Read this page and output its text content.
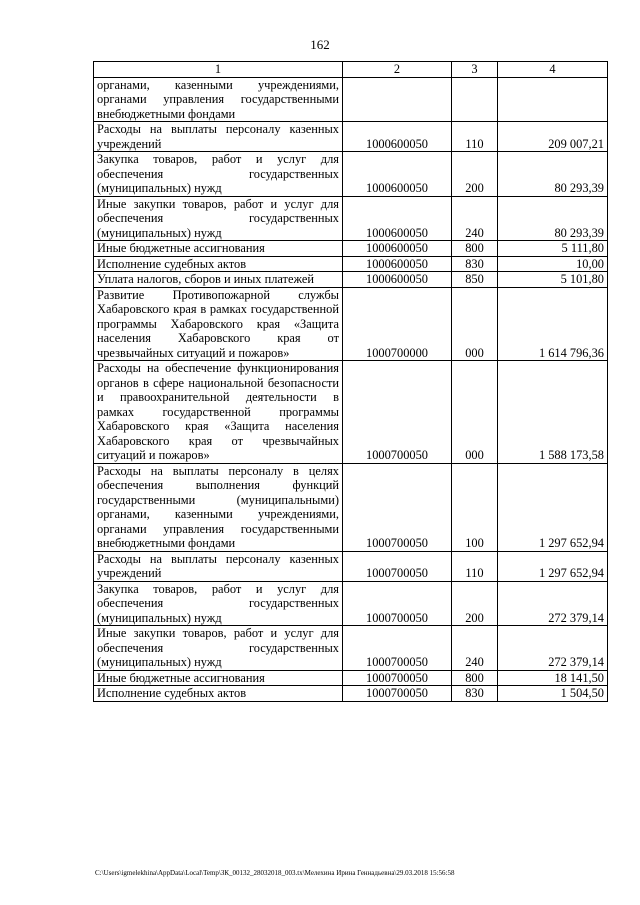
162
1	2	3	4
органами, казенными учреждениями, органами управления государственными внебюджетными фондами			
Расходы на выплаты персоналу казенных учреждений	1000600050	110	209 007,21
Закупка товаров, работ и услуг для обеспечения государственных (муниципальных) нужд	1000600050	200	80 293,39
Иные закупки товаров, работ и услуг для обеспечения государственных (муниципальных) нужд	1000600050	240	80 293,39
Иные бюджетные ассигнования	1000600050	800	5 111,80
Исполнение судебных актов	1000600050	830	10,00
Уплата налогов, сборов и иных платежей	1000600050	850	5 101,80
Развитие Противопожарной службы Хабаровского края в рамках государственной программы Хабаровского края «Защита населения Хабаровского края от чрезвычайных ситуаций и пожаров»	1000700000	000	1 614 796,36
Расходы на обеспечение функционирования органов в сфере национальной безопасности и правоохранительной деятельности в рамках государственной программы Хабаровского края «Защита населения Хабаровского края от чрезвычайных ситуаций и пожаров»	1000700050	000	1 588 173,58
Расходы на выплаты персоналу в целях обеспечения выполнения функций государственными (муниципальными) органами, казенными учреждениями, органами управления государственными внебюджетными фондами	1000700050	100	1 297 652,94
Расходы на выплаты персоналу казенных учреждений	1000700050	110	1 297 652,94
Закупка товаров, работ и услуг для обеспечения государственных (муниципальных) нужд	1000700050	200	272 379,14
Иные закупки товаров, работ и услуг для обеспечения государственных (муниципальных) нужд	1000700050	240	272 379,14
Иные бюджетные ассигнования	1000700050	800	18 141,50
Исполнение судебных актов	1000700050	830	1 504,50
C:\Users\igmelekhina\AppData\Local\Temp\ЗК_00132_28032018_003.tx\Мелехина Ирина Геннадьевна\29.03.2018 15:56:58
